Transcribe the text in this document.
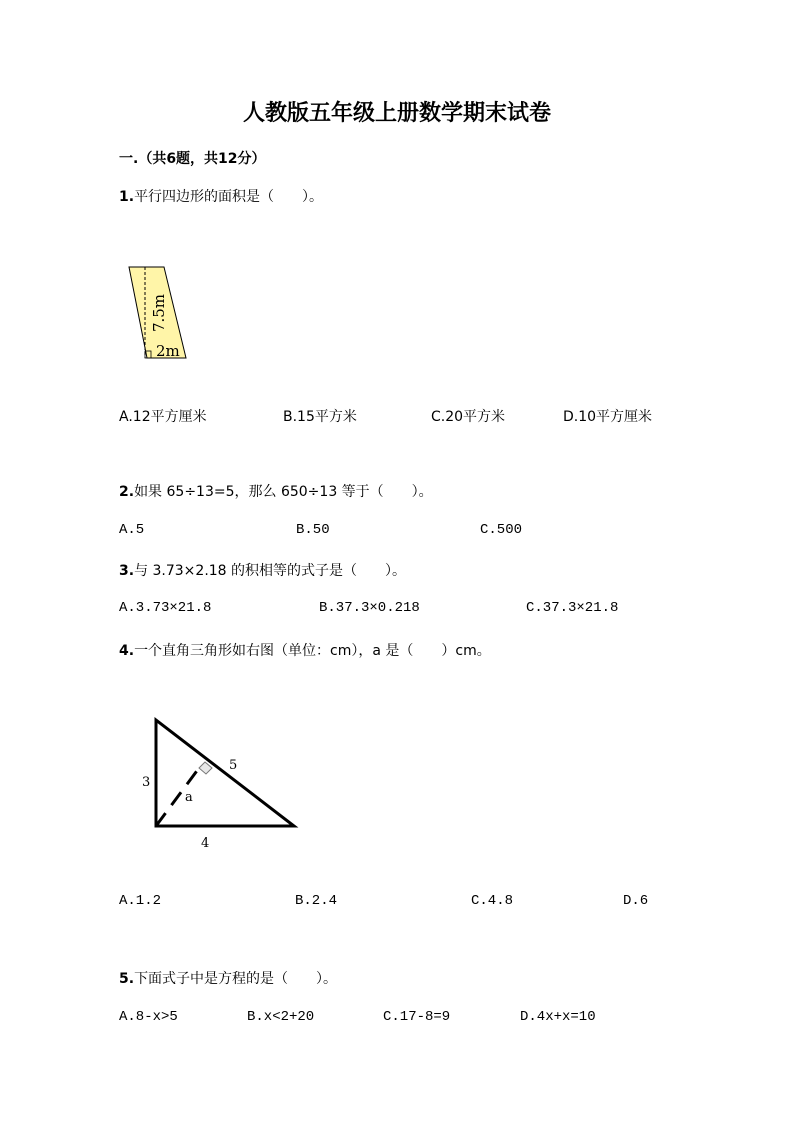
人教版五年级上册数学期末试卷
一.（共6题，共12分）
1.平行四边形的面积是（　　）。
7.5m
2m
A.12平方厘米	B.15平方米	C.20平方米	D.10平方厘米
2.如果 65÷13=5，那么 650÷13 等于（　　）。
A.5	B.50	C.500
3.与 3.73×2.18 的积相等的式子是（　　）。
A.3.73×21.8	B.37.3×0.218	C.37.3×21.8
4.一个直角三角形如右图（单位：cm），a 是（　　）cm。
3
5
4
a
A.1.2	B.2.4	C.4.8	D.6
5.下面式子中是方程的是（　　）。
A.8-x>5	B.x<2+20	C.17-8=9	D.4x+x=10
